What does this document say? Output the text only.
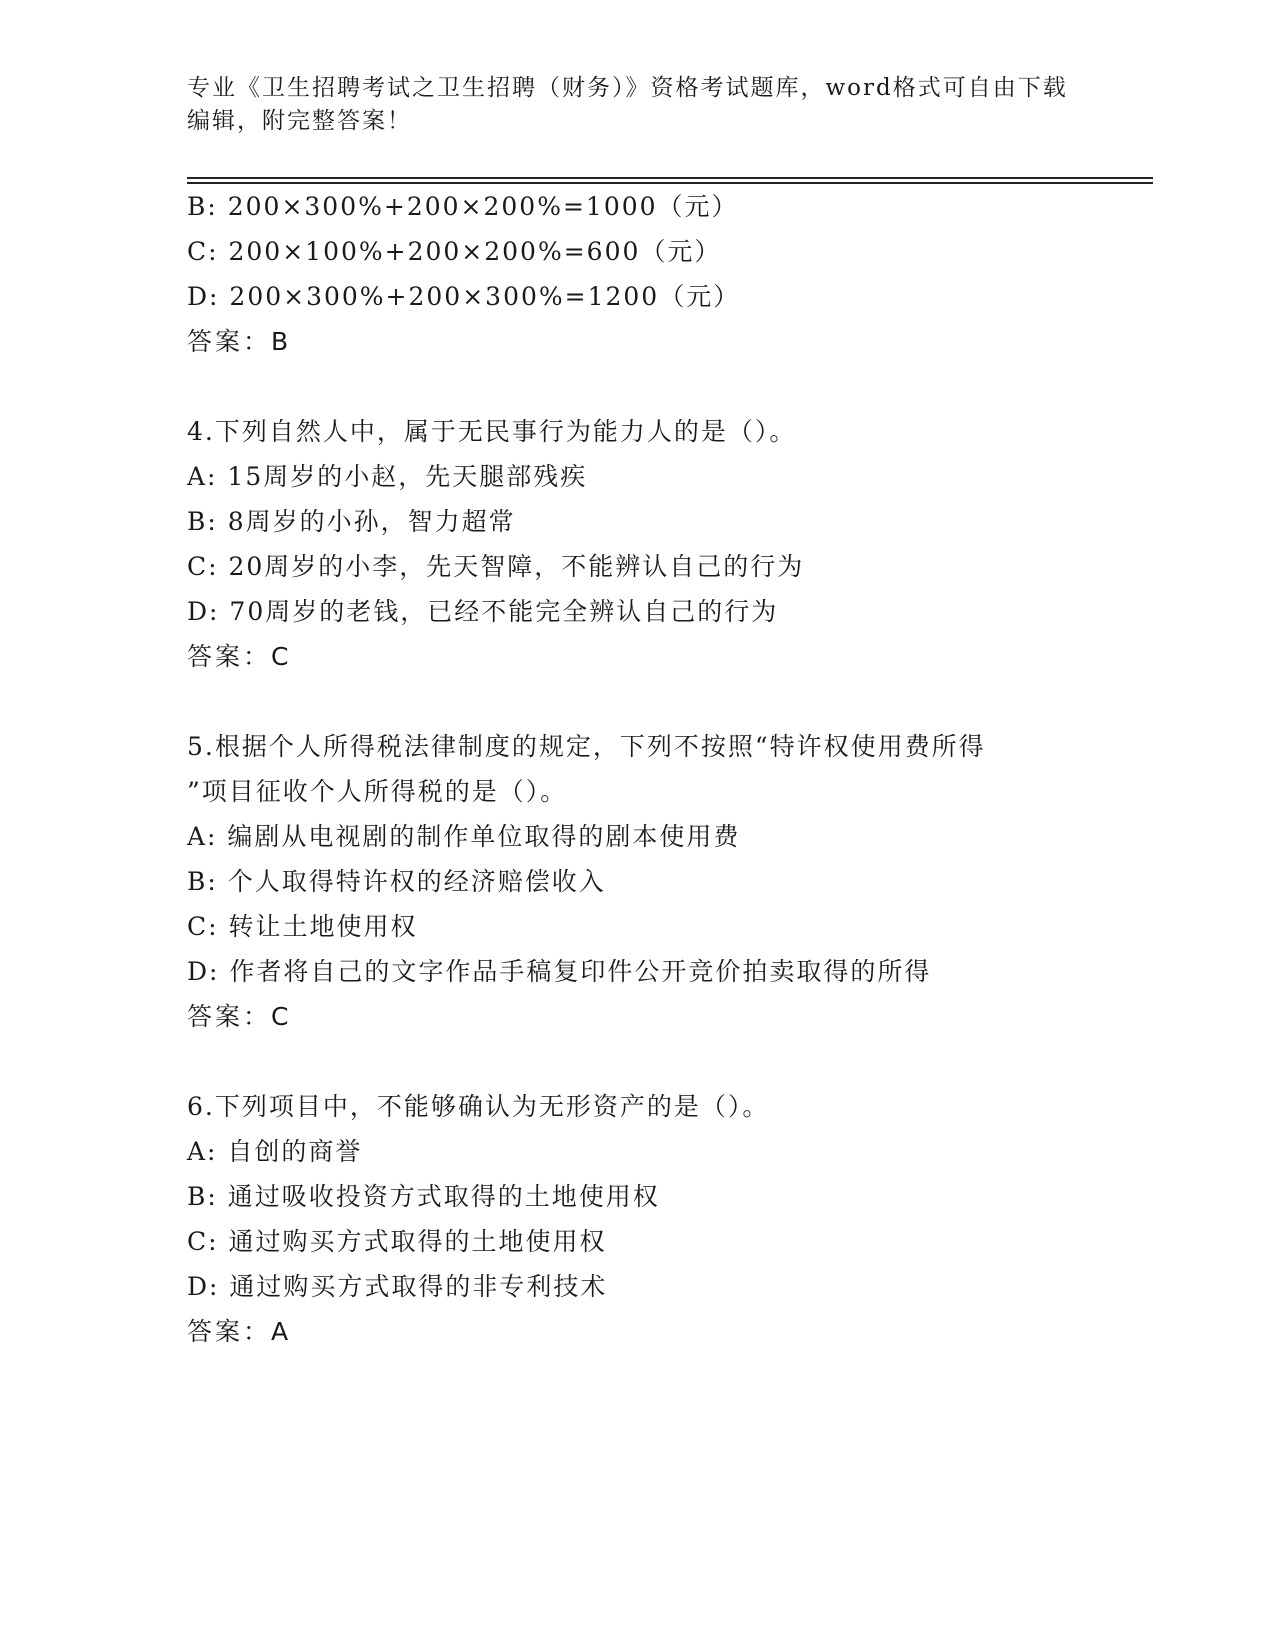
专业《卫生招聘考试之卫生招聘（财务）》资格考试题库，word格式可自由下载
编辑，附完整答案！
B: 200×300%+200×200%=1000（元）
C: 200×100%+200×200%=600（元）
D: 200×300%+200×300%=1200（元）
答案：B
4.下列自然人中，属于无民事行为能力人的是（）。
A: 15周岁的小赵，先天腿部残疾
B: 8周岁的小孙，智力超常
C: 20周岁的小李，先天智障，不能辨认自己的行为
D: 70周岁的老钱，已经不能完全辨认自己的行为
答案：C
5.根据个人所得税法律制度的规定，下列不按照“特许权使用费所得
”项目征收个人所得税的是（）。
A: 编剧从电视剧的制作单位取得的剧本使用费
B: 个人取得特许权的经济赔偿收入
C: 转让土地使用权
D: 作者将自己的文字作品手稿复印件公开竞价拍卖取得的所得
答案：C
6.下列项目中，不能够确认为无形资产的是（）。
A: 自创的商誉
B: 通过吸收投资方式取得的土地使用权
C: 通过购买方式取得的土地使用权
D: 通过购买方式取得的非专利技术
答案：A
